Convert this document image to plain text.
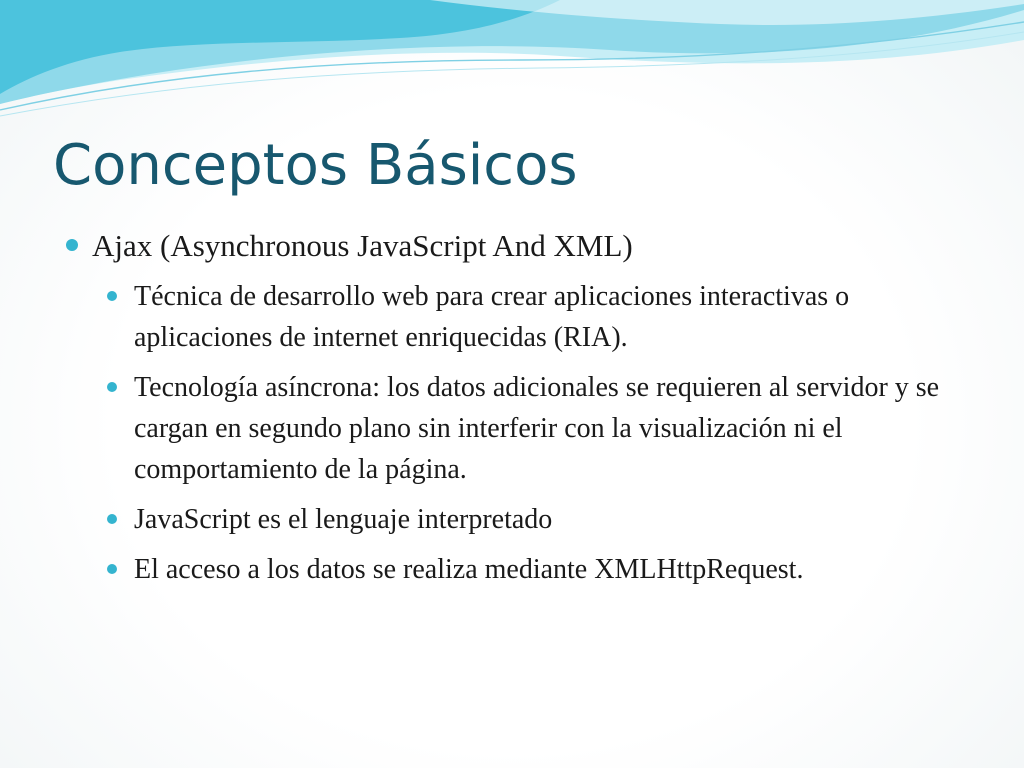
Conceptos Básicos
Ajax (Asynchronous JavaScript And XML)
Técnica de desarrollo web para crear aplicaciones interactivas o aplicaciones de internet enriquecidas (RIA).
Tecnología asíncrona: los datos adicionales se requieren al servidor y se cargan en segundo plano sin interferir con la visualización ni el comportamiento de la página.
JavaScript es el lenguaje interpretado
El acceso a los datos se realiza mediante XMLHttpRequest.
